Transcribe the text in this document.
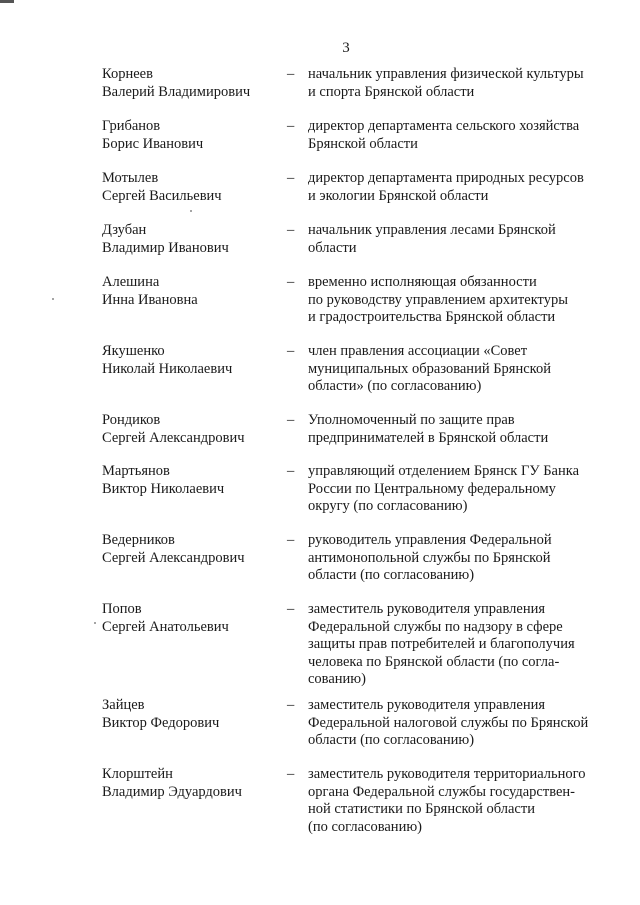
3
Корнеев
Валерий Владимирович
– начальник управления физической культуры
и спорта Брянской области
Грибанов
Борис Иванович
– директор департамента сельского хозяйства
Брянской области
Мотылев
Сергей Васильевич
– директор департамента природных ресурсов
и экологии Брянской области
Дзубан
Владимир Иванович
– начальник управления лесами Брянской
области
Алешина
Инна Ивановна
– временно исполняющая обязанности
по руководству управлением архитектуры
и градостроительства Брянской области
Якушенко
Николай Николаевич
– член правления ассоциации «Совет
муниципальных образований Брянской
области» (по согласованию)
Рондиков
Сергей Александрович
– Уполномоченный по защите прав
предпринимателей в Брянской области
Мартьянов
Виктор Николаевич
– управляющий отделением Брянск ГУ Банка
России по Центральному федеральному
округу (по согласованию)
Ведерников
Сергей Александрович
– руководитель управления Федеральной
антимонопольной службы по Брянской
области (по согласованию)
Попов
Сергей Анатольевич
– заместитель руководителя управления
Федеральной службы по надзору в сфере
защиты прав потребителей и благополучия
человека по Брянской области (по согла-
сованию)
Зайцев
Виктор Федорович
– заместитель руководителя управления
Федеральной налоговой службы по Брянской
области (по согласованию)
Клорштейн
Владимир Эдуардович
– заместитель руководителя территориального
органа Федеральной службы государствен-
ной статистики по Брянской области
(по согласованию)
